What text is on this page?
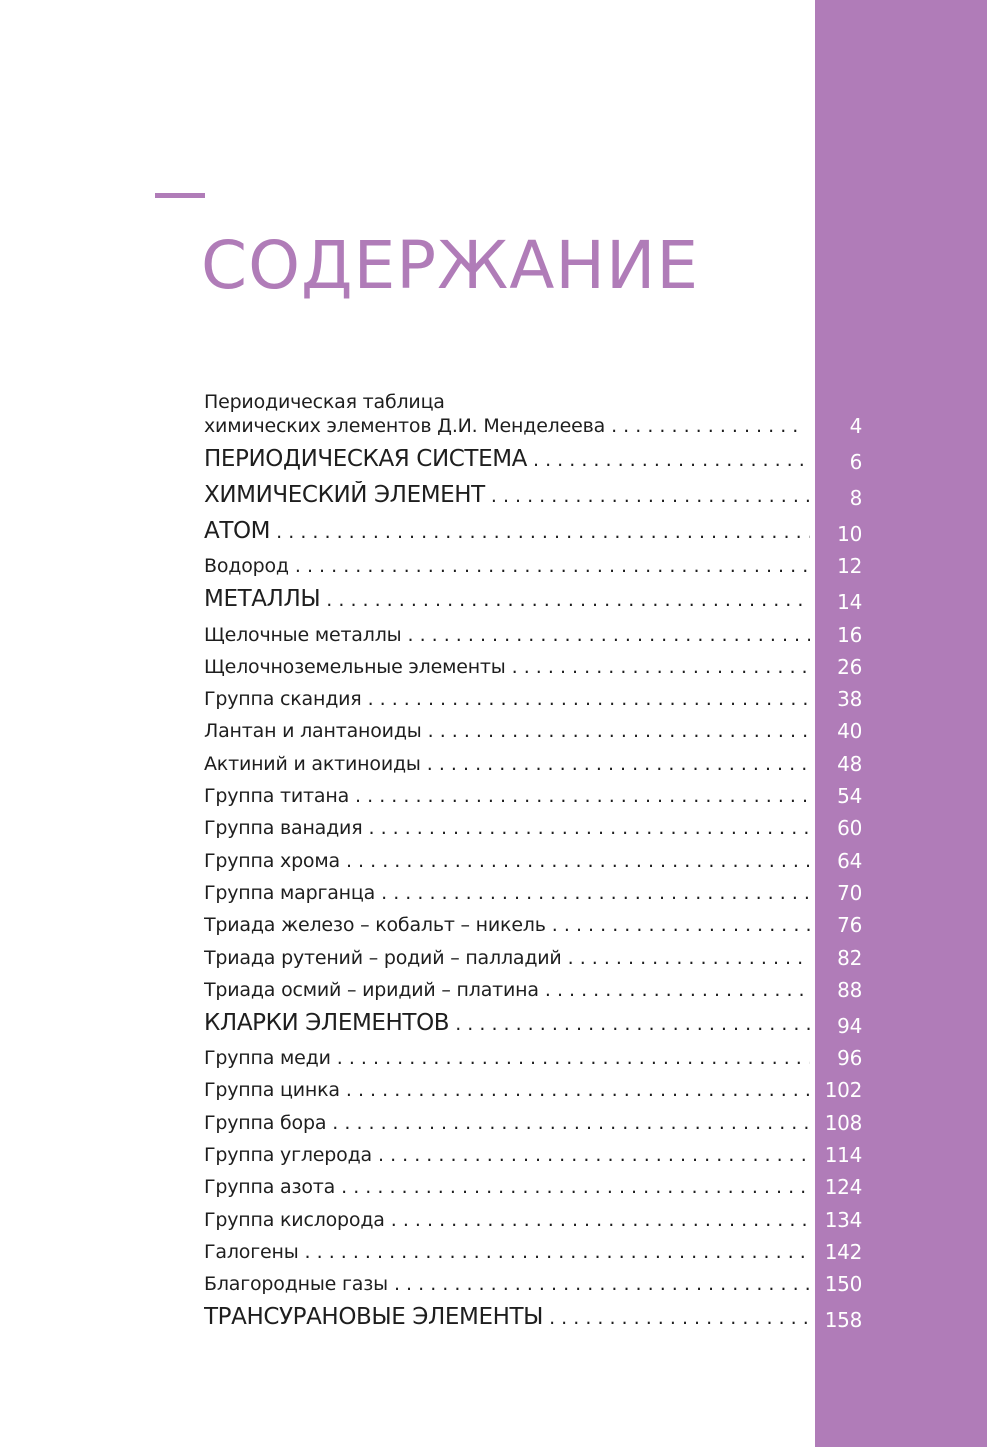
СОДЕРЖАНИЕ
Периодическая таблица
химических элементов Д.И. Менделеева . . .	4
ПЕРИОДИЧЕСКАЯ СИСТЕМА . . .	6
ХИМИЧЕСКИЙ ЭЛЕМЕНТ . . .	8
АТОМ . . .	10
Водород . . .	12
МЕТАЛЛЫ . . .	14
Щелочные металлы . . .	16
Щелочноземельные элементы . . .	26
Группа скандия . . .	38
Лантан и лантаноиды . . .	40
Актиний и актиноиды . . .	48
Группа титана . . .	54
Группа ванадия . . .	60
Группа хрома . . .	64
Группа марганца . . .	70
Триада железо – кобальт – никель . . .	76
Триада рутений – родий – палладий . . .	82
Триада осмий – иридий – платина . . .	88
КЛАРКИ ЭЛЕМЕНТОВ . . .	94
Группа меди . . .	96
Группа цинка . . .	102
Группа бора . . .	108
Группа углерода . . .	114
Группа азота . . .	124
Группа кислорода . . .	134
Галогены . . .	142
Благородные газы . . .	150
ТРАНСУРАНОВЫЕ ЭЛЕМЕНТЫ . . .	158
